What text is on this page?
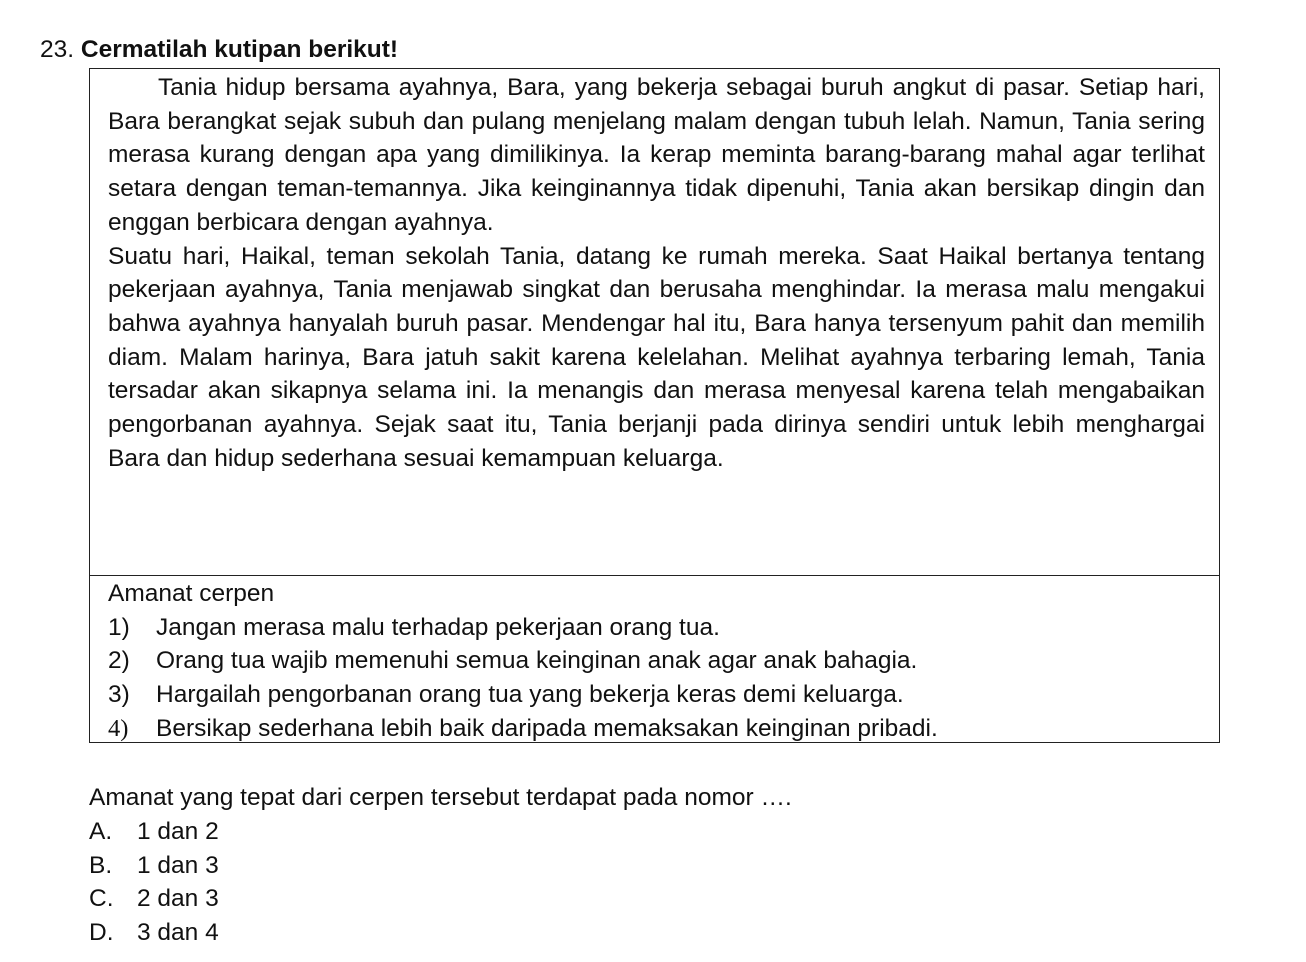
23. Cermatilah kutipan berikut!

Tania hidup bersama ayahnya, Bara, yang bekerja sebagai buruh angkut di pasar. Setiap hari, Bara berangkat sejak subuh dan pulang menjelang malam dengan tubuh lelah. Namun, Tania sering merasa kurang dengan apa yang dimilikinya. Ia kerap meminta barang-barang mahal agar terlihat setara dengan teman-temannya. Jika keinginannya tidak dipenuhi, Tania akan bersikap dingin dan enggan berbicara dengan ayahnya.

Suatu hari, Haikal, teman sekolah Tania, datang ke rumah mereka. Saat Haikal bertanya tentang pekerjaan ayahnya, Tania menjawab singkat dan berusaha menghindar. Ia merasa malu mengakui bahwa ayahnya hanyalah buruh pasar. Mendengar hal itu, Bara hanya tersenyum pahit dan memilih diam. Malam harinya, Bara jatuh sakit karena kelelahan. Melihat ayahnya terbaring lemah, Tania tersadar akan sikapnya selama ini. Ia menangis dan merasa menyesal karena telah mengabaikan pengorbanan ayahnya. Sejak saat itu, Tania berjanji pada dirinya sendiri untuk lebih menghargai Bara dan hidup sederhana sesuai kemampuan keluarga.

Amanat cerpen
1)	Jangan merasa malu terhadap pekerjaan orang tua.
2)	Orang tua wajib memenuhi semua keinginan anak agar anak bahagia.
3)	Hargailah pengorbanan orang tua yang bekerja keras demi keluarga.
4)	Bersikap sederhana lebih baik daripada memaksakan keinginan pribadi.
Amanat yang tepat dari cerpen tersebut terdapat pada nomor ….
A.	1 dan 2
B.	1 dan 3
C. 2 dan 3
D. 3 dan 4
